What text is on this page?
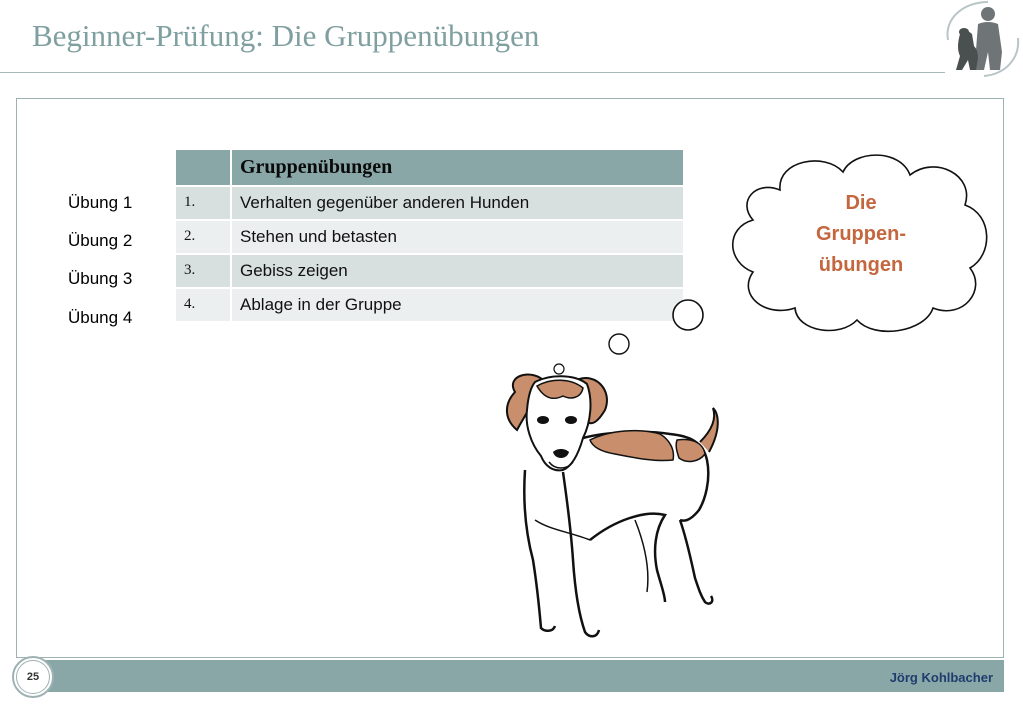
Beginner-Prüfung: Die Gruppenübungen
Übung 1
Übung 2
Übung 3
Übung 4
	Gruppenübungen
1.	Verhalten gegenüber anderen Hunden
2.	Stehen und betasten
3.	Gebiss zeigen
4.	Ablage in der Gruppe
Die
Gruppen-
übungen
Jörg Kohlbacher
25
